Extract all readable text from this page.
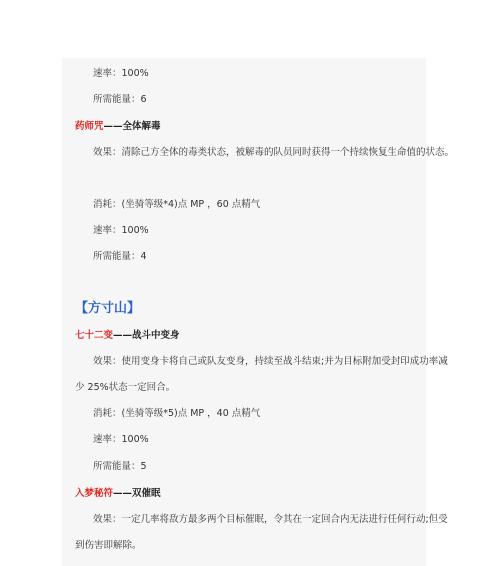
速率：100%
所需能量：6
药师咒——全体解毒
效果：清除己方全体的毒类状态，被解毒的队员同时获得一个持续恢复生命值的状态。
消耗：(坐骑等级*4)点 MP ，60 点精气
速率：100%
所需能量：4
【方寸山】
七十二变——战斗中变身
效果：使用变身卡将自己或队友变身，持续至战斗结束;并为目标附加受封印成功率减
少 25%状态一定回合。
消耗：(坐骑等级*5)点 MP ，40 点精气
速率：100%
所需能量：5
入梦秘符——双催眠
效果：一定几率将敌方最多两个目标催眠，令其在一定回合内无法进行任何行动;但受
到伤害即解除。
